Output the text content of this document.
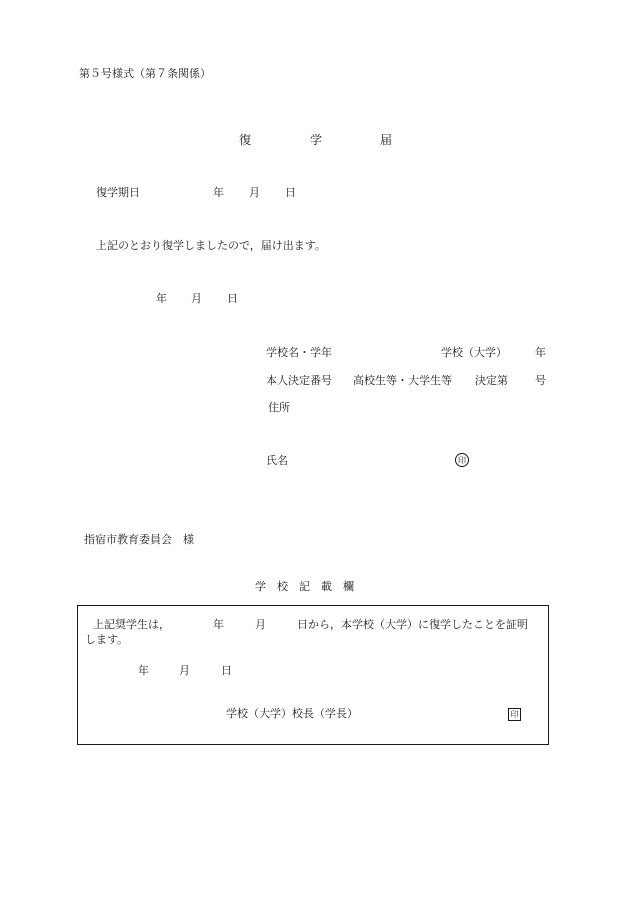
第５号様式（第７条関係）
復	学	届
復学期日	年 月 日
上記のとおり復学しましたので，届け出ます。
年 月 日
学校名・学年	学校（大学）	年
本人決定番号 高校生等・大学生等 決定第 号
住所
氏名	印
指宿市教育委員会　様
学　校　記　載　欄
上記奨学生は，	年	月	日から，本学校（大学）に復学したことを証明
します。
年	月	日
学校（大学）校長（学長）	印
